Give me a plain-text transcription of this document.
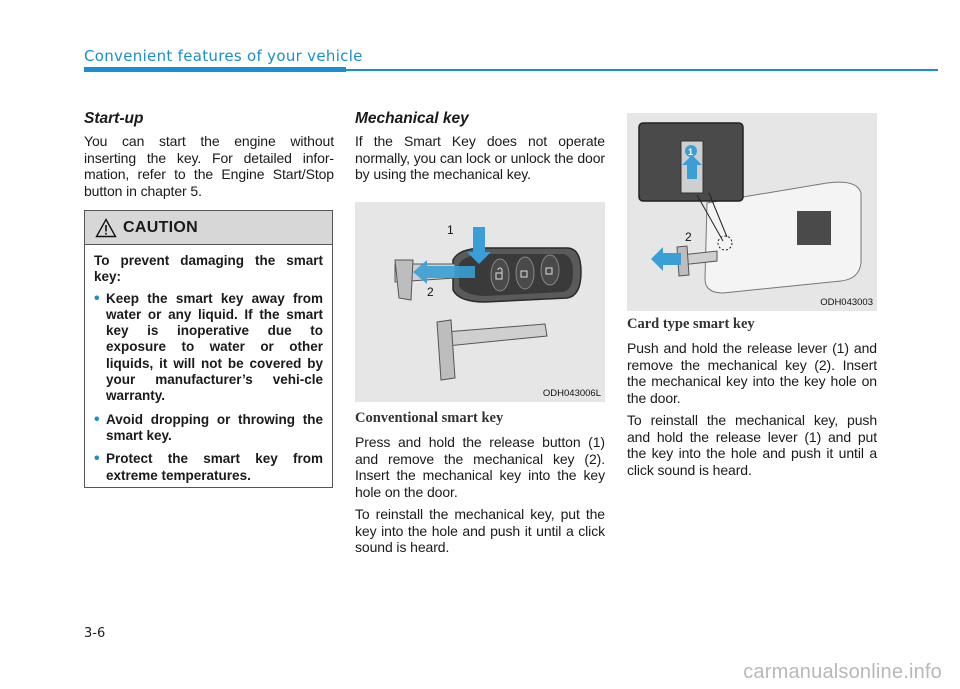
Convenient features of your vehicle
Start-up

You can start the engine without inserting the key. For detailed infor-mation, refer to the Engine Start/Stop button in chapter 5.

CAUTION

To prevent damaging the smart key:

• Keep the smart key away from water or any liquid. If the smart key is inoperative due to exposure to water or other liquids, it will not be covered by your manufacturer’s vehi-cle warranty.
• Avoid dropping or throwing the smart key.
• Protect the smart key from extreme temperatures.
Mechanical key

If the Smart Key does not operate normally, you can lock or unlock the door by using the mechanical key.

1
2
ODH043006L
Conventional smart key

Press and hold the release button (1) and remove the mechanical key (2). Insert the mechanical key into the key hole on the door.

To reinstall the mechanical key, put the key into the hole and push it until a click sound is heard.

1
2
ODH043003
Card type smart key

Push and hold the release lever (1) and remove the mechanical key (2). Insert the mechanical key into the key hole on the door.

To reinstall the mechanical key, push and hold the release lever (1) and put the key into the hole and push it until a click sound is heard.

3-6
carmanualsonline.info
